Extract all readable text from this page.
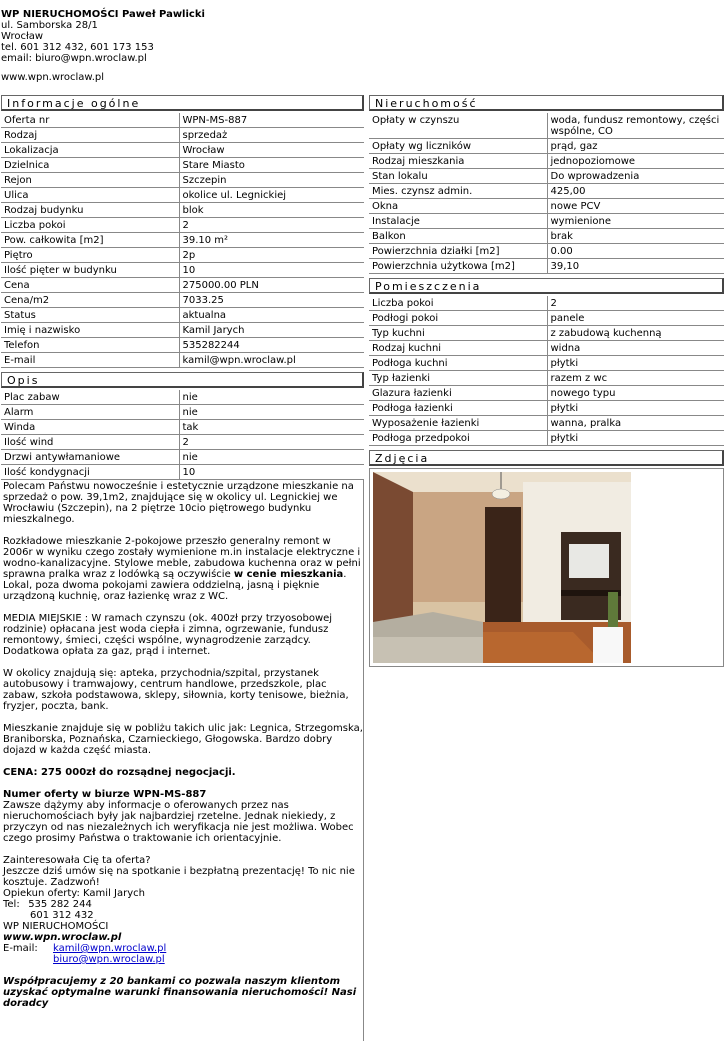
WP NIERUCHOMOŚCI Paweł Pawlicki
ul. Samborska 28/1
Wrocław
tel. 601 312 432, 601 173 153
email: biuro@wpn.wroclaw.pl
www.wpn.wroclaw.pl
Informacje ogólne
Oferta nr	WPN-MS-887
Rodzaj	sprzedaż
Lokalizacja	Wrocław
Dzielnica	Stare Miasto
Rejon	Szczepin
Ulica	okolice ul. Legnickiej
Rodzaj budynku	blok
Liczba pokoi	2
Pow. całkowita [m2]	39.10 m²
Piętro	2p
Ilość pięter w budynku	10
Cena	275000.00 PLN
Cena/m2	7033.25
Status	aktualna
Imię i nazwisko	Kamil Jarych
Telefon	535282244
E-mail	kamil@wpn.wroclaw.pl
Opis
Plac zabaw	nie
Alarm	nie
Winda	tak
Ilość wind	2
Drzwi antywłamaniowe	nie
Ilość kondygnacji	10

Polecam Państwu nowocześnie i estetycznie urządzone mieszkanie na sprzedaż o pow. 39,1m2, znajdujące się w okolicy ul. Legnickiej we Wrocławiu (Szczepin), na 2 piętrze 10cio piętrowego budynku mieszkalnego.

Rozkładowe mieszkanie 2-pokojowe przeszło generalny remont w 2006r w wyniku czego zostały wymienione m.in instalacje elektryczne i wodno-kanalizacyjne. Stylowe meble, zabudowa kuchenna oraz w pełni sprawna pralka wraz z lodówką są oczywiście w cenie mieszkania. Lokal, poza dwoma pokojami zawiera oddzielną, jasną i pięknie urządzoną kuchnię, oraz łazienkę wraz z WC.

MEDIA MIEJSKIE : W ramach czynszu (ok. 400zł przy trzyosobowej rodzinie) opłacana jest woda ciepła i zimna, ogrzewanie, fundusz remontowy, śmieci, części wspólne, wynagrodzenie zarządcy. Dodatkowa opłata za gaz, prąd i internet.

W okolicy znajdują się: apteka, przychodnia/szpital, przystanek autobusowy i tramwajowy, centrum handlowe, przedszkole, plac zabaw, szkoła podstawowa, sklepy, siłownia, korty tenisowe, bieżnia, fryzjer, poczta, bank.

Mieszkanie znajduje się w pobliżu takich ulic jak: Legnica, Strzegomska, Braniborska, Poznańska, Czarnieckiego, Głogowska. Bardzo dobry dojazd w każda część miasta.

CENA: 275 000zł do rozsądnej negocjacji.

Numer oferty w biurze WPN-MS-887
Zawsze dążymy aby informacje o oferowanych przez nas nieruchomościach były jak najbardziej rzetelne. Jednak niekiedy, z przyczyn od nas niezależnych ich weryfikacja nie jest możliwa. Wobec czego prosimy Państwa o traktowanie ich orientacyjnie.

Zainteresowała Cię ta oferta?
Jeszcze dziś umów się na spotkanie i bezpłatną prezentację! To nic nie kosztuje. Zadzwoń!
Opiekun oferty: Kamil Jarych
Tel: 535 282 244
601 312 432
WP NIERUCHOMOŚCI
www.wpn.wroclaw.pl
E-mail: kamil@wpn.wroclaw.pl
biuro@wpn.wroclaw.pl
Współpracujemy z 20 bankami co pozwala naszym klientom uzyskać optymalne warunki finansowania nieruchomości! Nasi doradcy
Nieruchomość
Opłaty w czynszu	woda, fundusz remontowy, części wspólne, CO
Opłaty wg liczników	prąd, gaz
Rodzaj mieszkania	jednopoziomowe
Stan lokalu	Do wprowadzenia
Mies. czynsz admin.	425,00
Okna	nowe PCV
Instalacje	wymienione
Balkon	brak
Powierzchnia działki [m2]	0.00
Powierzchnia użytkowa [m2]	39,10
Pomieszczenia
Liczba pokoi	2
Podłogi pokoi	panele
Typ kuchni	z zabudową kuchenną
Rodzaj kuchni	widna
Podłoga kuchni	płytki
Typ łazienki	razem z wc
Glazura łazienki	nowego typu
Podłoga łazienki	płytki
Wyposażenie łazienki	wanna, pralka
Podłoga przedpokoi	płytki
Zdjęcia
